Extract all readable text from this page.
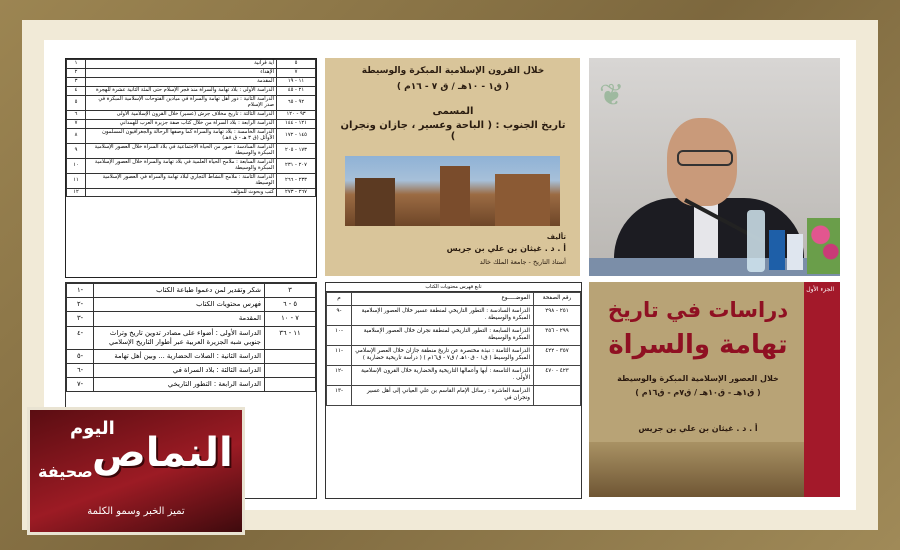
١	آية قرآنية	٥
٢	الإهداء	٧
٣	المقدمة	١١ - ١٩
٤	الدراسة الأولى : بلاد تهامة والسراة منذ فجر الإسلام حتى المئة الثانية عشرة للهجرة	٢١ - ٤٥
٥	الدراسة الثانية : دور أهل تهامة والسراة في ميادين الفتوحات الإسلامية المبكرة في صدر الإسلام	٩٢ - ٦٥
٦	الدراسة الثالثة : تاريخ مخلاف جرش (عسير) خلال القرون الإسلامية الأولى	٩٣ - ١٢٠
٧	الدراسة الرابعة : بلاد السراة من خلال كتاب صفة جزيرة العرب للهمداني	١٢١ - ١٤٤
٨	الدراسة الخامسة : بلاد تهامة والسراة كما وصفها الرحالة والجغرافيون المسلمون الأوائل (ق ٣ هـ - ق ٨هـ)	١٤٥ - ١٧٢
٩	الدراسة السادسة : صور من الحياة الاجتماعية في بلاد السراة خلال العصور الإسلامية المبكرة والوسيطة	١٧٣ - ٢٠٥
١٠	الدراسة السابعة : ملامح الحياة العلمية في بلاد تهامة والسراة خلال العصور الإسلامية المبكرة والوسيطة	٢٠٧ - ٢٣١
١١	الدراسة الثامنة : ملامح النشاط التجاري لبلاد تهامة والسراة في العصور الإسلامية الوسيطة	٢٣٣ - ٢٦٦
١٢	كتب وبحوث للمؤلف	٢٦٧ - ٢٧٣
خلال القرون الإسلامية المبكرة والوسيطة
( ق١ - ١٠هـ / ق ٧ - ١٦م )
المسمى
تاريخ الجنوب : ( الباحة وعسير ، جازان ونجران )
تأليف
أ . د . غيثان بن علي بن جريس
أستاذ التاريخ - جامعة الملك خالد
❦
-١	شكر وتقدير لمن دعموا طباعة الكتاب	٣
-٢	فهرس محتويات الكتاب	٥ - ٦
-٣	المقدمة	٧ - ١٠
-٤	الدراسة الأولى : أضواء على مصادر تدوين تاريخ وتراث جنوبي شبه الجزيرة العربية عبر أطوار التاريخ الإسلامي	١١ - ٣٦
-٥	الدراسة الثانية : الصلات الحضارية ... وبين أهل تهامة	
-٦	الدراسة الثالثة : بلاد السراة في	
-٧	الدراسة الرابعة : التطور التاريخي	
تابع فهرس محتويات الكتاب
م	الموضـــــوع	رقم الصفحة
-٩	الدراسة السادسة : التطور التاريخي لمنطقة عسير خلال العصور الإسلامية المبكرة والوسيطة .	٢٥١ - ٢٩٨
-١٠	الدراسة السابعة : التطور التاريخي لمنطقة نجران خلال العصور الإسلامية المبكرة والوسيطة	٢٩٩ - ٣٥٦
-١١	الدراسة الثامنة : نبذة مختصرة عن تاريخ منطقة جازان خلال العصر الإسلامي المبكر والوسيط ( ق١ - ق١٠هـ / ق٧ - ق١٦م ) ( دراسة تاريخية حضارية )	٣٥٧ - ٤٢٢
-١٢	الدراسة التاسعة : أبها وأعمالها التاريخية والحضارية خلال القرون الإسلامية الأولى .	٤٢٣ - ٤٧٠
-١٣	الدراسة العاشرة : رسائل الإمام القاسم بن علي العياني إلى أهل عسير ونجران في	
الجزء الأول
دراسات في تاريخ
تهامة والسراة
خلال العصور الإسلامية المبكرة والوسيطة
( ق١هـ - ق١٠هـ / ق٧م - ق١٦م )
أ . د . غيثان بن علي بن جريس
اليوم
النماص
صحيفة
تميز الخبر وسمو الكلمة
